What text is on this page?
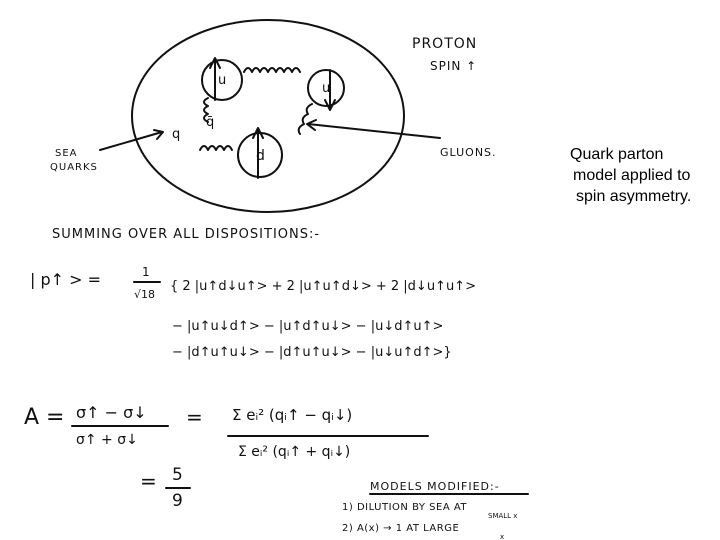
u
u
d
q
q̄
PROTON
SPIN ↑
SEA
QUARKS
GLUONS.
SUMMING OVER ALL DISPOSITIONS:-
| p↑ > =	1
√18
{ 2 |u↑d↓u↑> + 2 |u↑u↑d↓> + 2 |d↓u↑u↑>
− |u↑u↓d↑> − |u↑d↑u↓> − |u↓d↑u↑>
− |d↑u↑u↓> − |d↑u↑u↓> − |u↓u↑d↑>}
A = σ↑ − σ↓
σ↑ + σ↓
= Σ eᵢ² (qᵢ↑ − qᵢ↓)
Σ eᵢ² (qᵢ↑ + qᵢ↓)
= 5
9
MODELS MODIFIED:-
1) DILUTION BY SEA AT
SMALL x
2) A(x) → 1 AT LARGE
x
Quark parton
model applied to
spin asymmetry.
